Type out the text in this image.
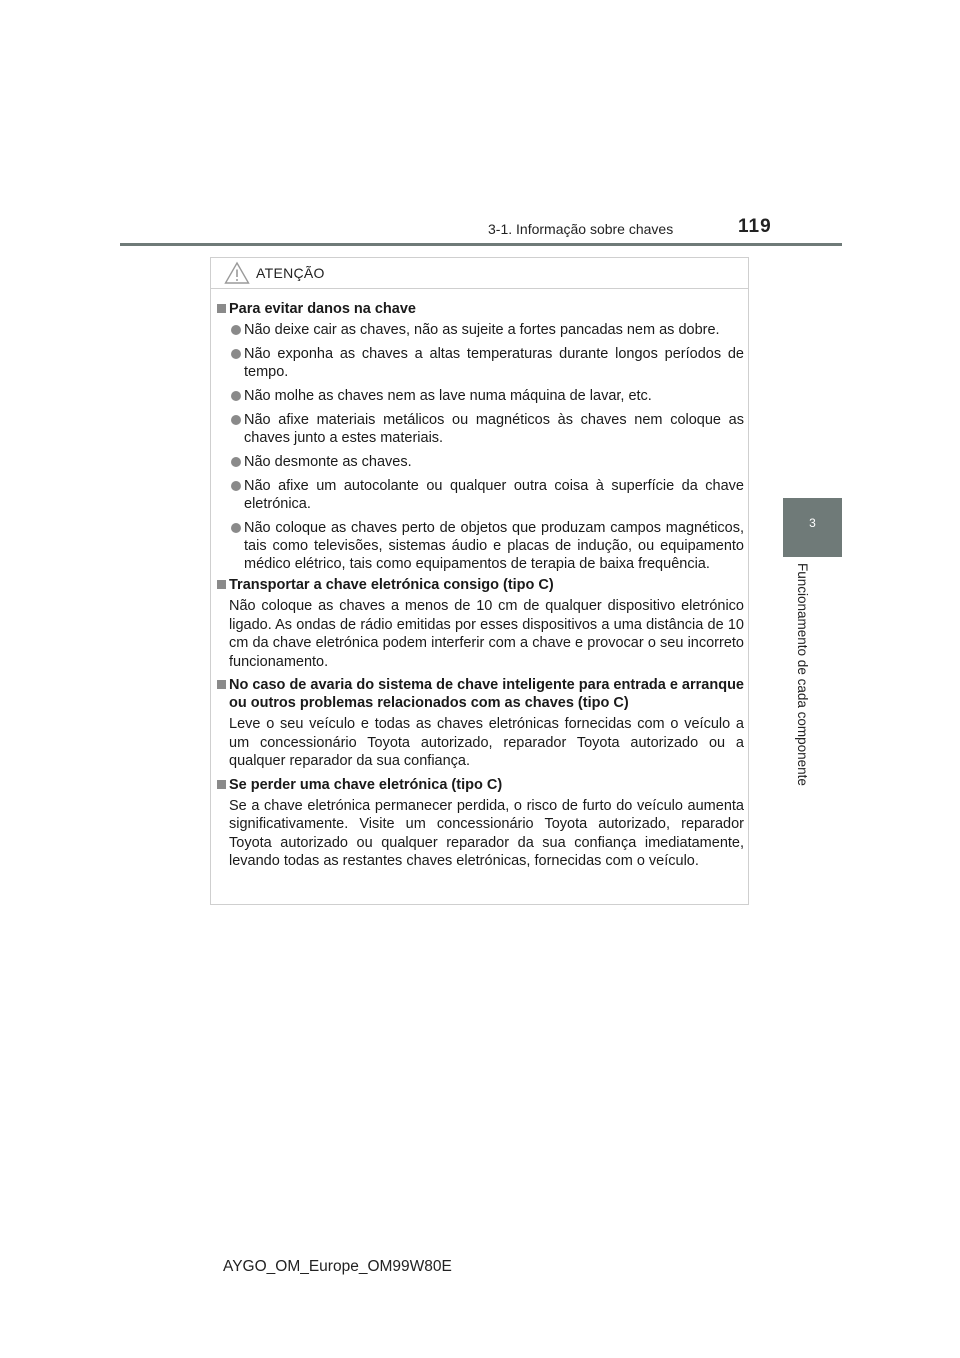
3-1. Informação sobre chaves	119
3
Funcionamento de cada componente
ATENÇÃO
Para evitar danos na chave
Não deixe cair as chaves, não as sujeite a fortes pancadas nem as dobre.
Não exponha as chaves a altas temperaturas durante longos períodos de tempo.
Não molhe as chaves nem as lave numa máquina de lavar, etc.
Não afixe materiais metálicos ou magnéticos às chaves nem coloque as chaves junto a estes materiais.
Não desmonte as chaves.
Não afixe um autocolante ou qualquer outra coisa à superfície da chave eletrónica.
Não coloque as chaves perto de objetos que produzam campos magnéticos, tais como televisões, sistemas áudio e placas de indução, ou equipamento médico elétrico, tais como equipamentos de terapia de baixa frequência.
Transportar a chave eletrónica consigo (tipo C)
Não coloque as chaves a menos de 10 cm de qualquer dispositivo eletrónico ligado. As ondas de rádio emitidas por esses dispositivos a uma distância de 10 cm da chave eletrónica podem interferir com a chave e provocar o seu incorreto funcionamento.
No caso de avaria do sistema de chave inteligente para entrada e arranque ou outros problemas relacionados com as chaves (tipo C)
Leve o seu veículo e todas as chaves eletrónicas fornecidas com o veículo a um concessionário Toyota autorizado, reparador Toyota autorizado ou a qualquer reparador da sua confiança.
Se perder uma chave eletrónica (tipo C)
Se a chave eletrónica permanecer perdida, o risco de furto do veículo aumenta significativamente. Visite um concessionário Toyota autorizado, reparador Toyota autorizado ou qualquer reparador da sua confiança imediatamente, levando todas as restantes chaves eletrónicas, fornecidas com o veículo.
AYGO_OM_Europe_OM99W80E
